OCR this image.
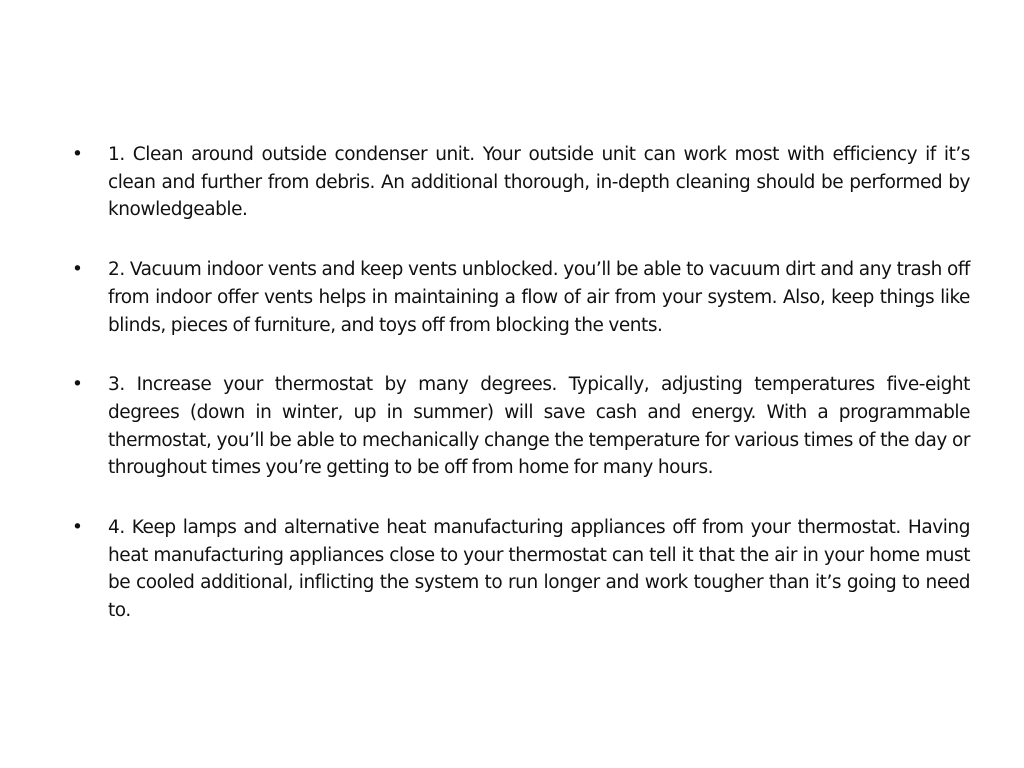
•	1. Clean around outside condenser unit. Your outside unit can work most with efficiency if it’s clean and further from debris. An additional thorough, in-depth cleaning should be performed by knowledgeable.
•	2. Vacuum indoor vents and keep vents unblocked. you’ll be able to vacuum dirt and any trash off from indoor offer vents helps in maintaining a flow of air from your system. Also, keep things like blinds, pieces of furniture, and toys off from blocking the vents.
•	3. Increase your thermostat by many degrees. Typically, adjusting temperatures five-eight degrees (down in winter, up in summer) will save cash and energy. With a programmable thermostat, you’ll be able to mechanically change the temperature for various times of the day or throughout times you’re getting to be off from home for many hours.
•	4. Keep lamps and alternative heat manufacturing appliances off from your thermostat. Having heat manufacturing appliances close to your thermostat can tell it that the air in your home must be cooled additional, inflicting the system to run longer and work tougher than it’s going to need to.
